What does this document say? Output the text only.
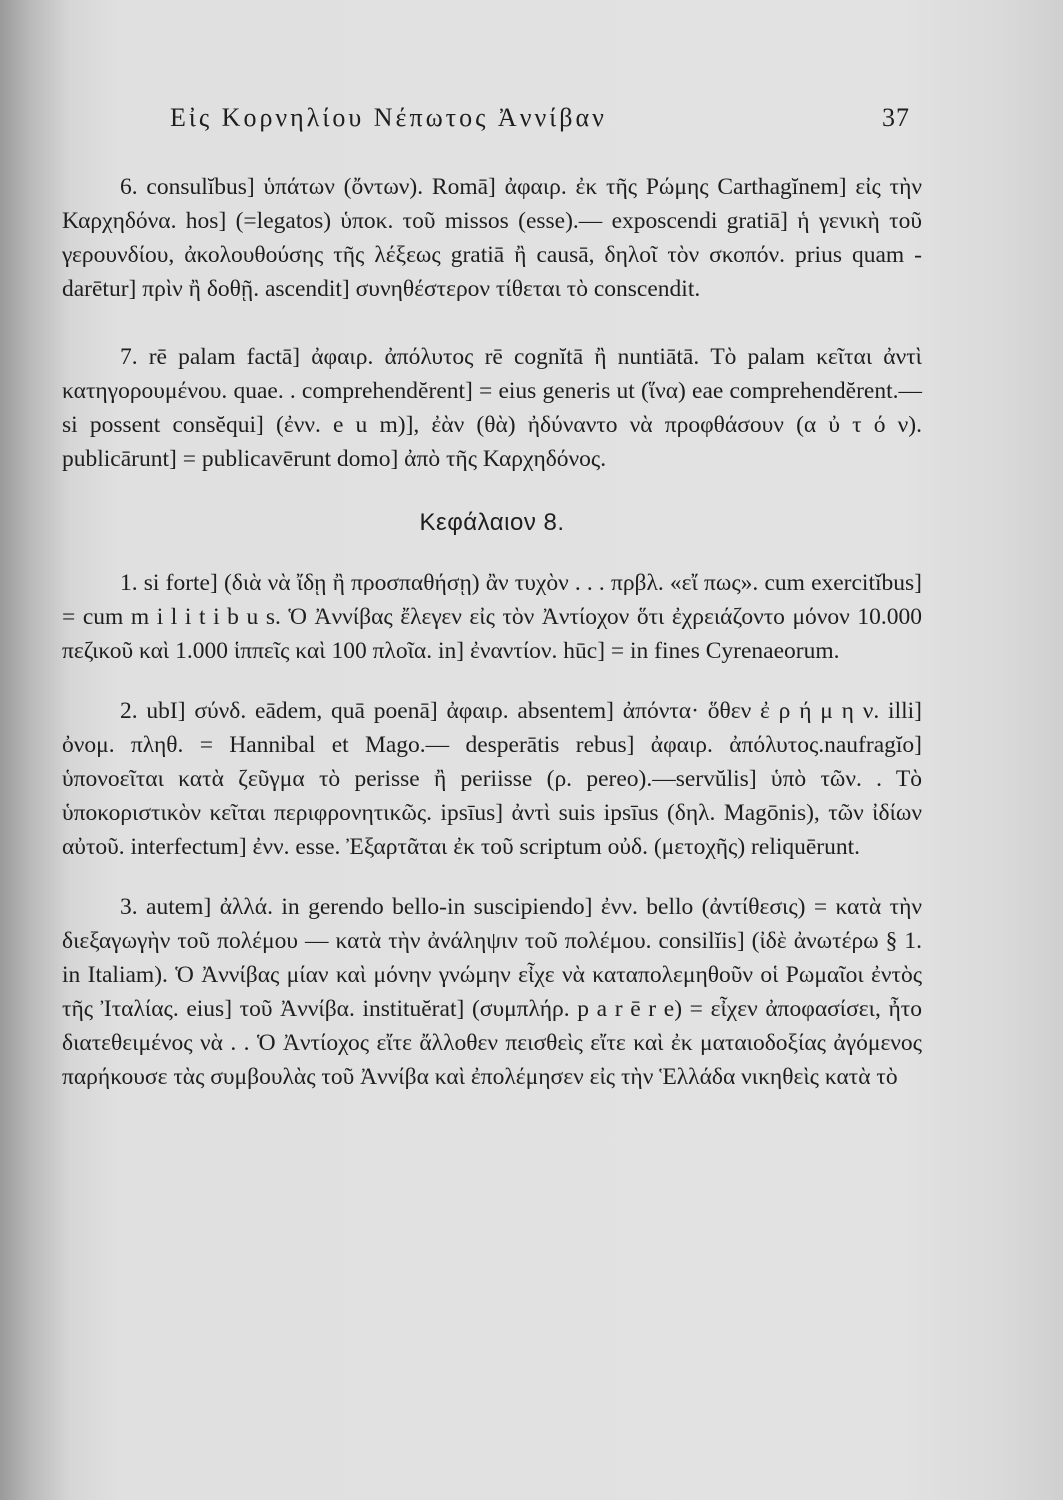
Εἰς Κορνηλίου Νέπωτος Ἀννίβαν	37

6. consulĭbus] ὑπάτων (ὄντων). Romā] ἀφαιρ. ἐκ τῆς Ρώμης Carthagĭnem] εἰς τὴν Καρχηδόνα. hos] (=legatos) ὑποκ. τοῦ missos (esse).— exposcendi gratiā] ἡ γενικὴ τοῦ γερουνδίου, ἀκολουθούσης τῆς λέξεως gratiā ἢ causā, δηλοῖ τὸν σκοπόν. prius quam - darētur] πρὶν ἢ δοθῇ. ascendit] συνηθέστερον τίθεται τὸ conscendit.

7. rē palam factā] ἀφαιρ. ἀπόλυτος rē cognĭtā ἢ nuntiātā. Τὸ palam κεῖται ἀντὶ κατηγορουμένου. quae. . comprehendĕrent] = eius generis ut (ἵνα) eae comprehendĕrent.—si possent consĕqui] (ἐνν. e u m)], ἐὰν (θὰ) ἠδύναντο νὰ προφθάσουν (α ὐ τ ό ν). publicārunt] = publicavērunt domo] ἀπὸ τῆς Καρχηδόνος.

Κεφάλαιον 8.

1. si forte] (διὰ νὰ ἴδῃ ἢ προσπαθήσῃ) ἂν τυχὸν . . . πρβλ. «εἴ πως». cum exercitĭbus] = cum m i l i t i b u s. Ὁ Ἀννίβας ἔλεγεν εἰς τὸν Ἀντίοχον ὅτι ἐχρειάζοντο μόνον 10.000 πεζικοῦ καὶ 1.000 ἱππεῖς καὶ 100 πλοῖα. in] ἐναντίον. hūc] = in fines Cyrenaeorum.

2. ubI] σύνδ. eādem, quā poenā] ἀφαιρ. absentem] ἀπόντα· ὅθεν ἐ ρ ή μ η ν. illi] ὀνομ. πληθ. = Hannibal et Mago.— desperātis rebus] ἀφαιρ. ἀπόλυτος.naufragĭo] ὑπονοεῖται κατὰ ζεῦγμα τὸ perisse ἢ periisse (ρ. pereo).—servŭlis] ὑπὸ τῶν. . Τὸ ὑποκοριστικὸν κεῖται περιφρονητικῶς. ipsīus] ἀντὶ suis ipsīus (δηλ. Magōnis), τῶν ἰδίων αὐτοῦ. interfectum] ἐνν. esse. Ἐξαρτᾶται ἐκ τοῦ scriptum οὐδ. (μετοχῆς) reliquērunt.

3. autem] ἀλλά. in gerendo bello-in suscipiendo] ἐνν. bello (ἀντίθεσις) = κατὰ τὴν διεξαγωγὴν τοῦ πολέμου — κατὰ τὴν ἀνάληψιν τοῦ πολέμου. consilĭis] (ἰδὲ ἀνωτέρω § 1. in Italiam). Ὁ Ἀννίβας μίαν καὶ μόνην γνώμην εἶχε νὰ καταπολεμηθοῦν οἱ Ρωμαῖοι ἐντὸς τῆς Ἰταλίας. eius] τοῦ Ἀννίβα. instituĕrat] (συμπλήρ. p a r ē r e) = εἶχεν ἀποφασίσει, ἦτο διατεθειμένος νὰ . . Ὁ Ἀντίοχος εἴτε ἄλλοθεν πεισθεὶς εἴτε καὶ ἐκ ματαιοδοξίας ἀγόμενος παρήκουσε τὰς συμβουλὰς τοῦ Ἀννίβα καὶ ἐπολέμησεν εἰς τὴν Ἑλλάδα νικηθεὶς κατὰ τὸ
